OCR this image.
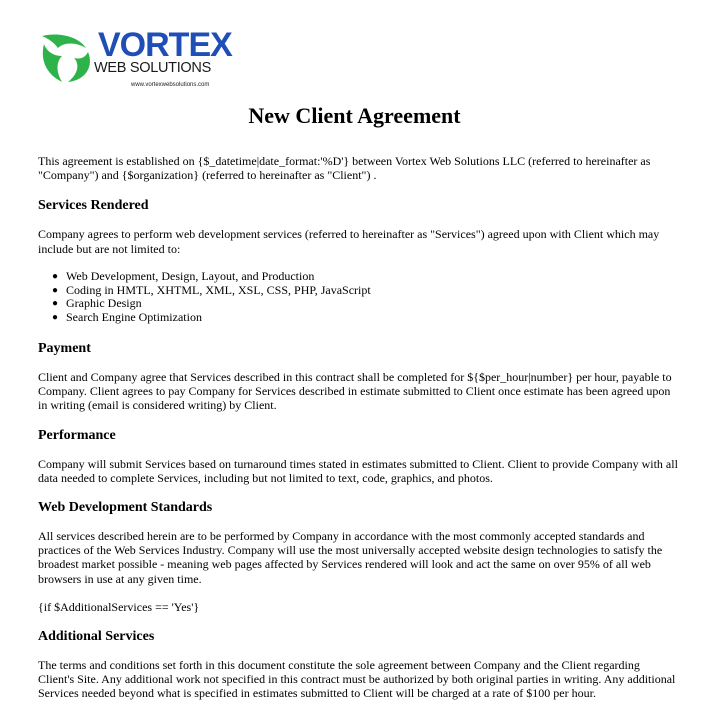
VORTEX
WEB SOLUTIONS
www.vortexwebsolutions.com
New Client Agreement

This agreement is established on {$_datetime|date_format:'%D'} between Vortex Web Solutions LLC (referred to hereinafter as "Company") and {$organization} (referred to hereinafter as "Client") .

Services Rendered

Company agrees to perform web development services (referred to hereinafter as "Services") agreed upon with Client which may include but are not limited to:

● Web Development, Design, Layout, and Production
● Coding in HMTL, XHTML, XML, XSL, CSS, PHP, JavaScript
● Graphic Design
● Search Engine Optimization
Payment

Client and Company agree that Services described in this contract shall be completed for ${$per_hour|number} per hour, payable to Company. Client agrees to pay Company for Services described in estimate submitted to Client once estimate has been agreed upon in writing (email is considered writing) by Client.

Performance

Company will submit Services based on turnaround times stated in estimates submitted to Client. Client to provide Company with all data needed to complete Services, including but not limited to text, code, graphics, and photos.

Web Development Standards

All services described herein are to be performed by Company in accordance with the most commonly accepted standards and practices of the Web Services Industry. Company will use the most universally accepted website design technologies to satisfy the broadest market possible - meaning web pages affected by Services rendered will look and act the same on over 95% of all web browsers in use at any given time.

{if $AdditionalServices == 'Yes'}

Additional Services

The terms and conditions set forth in this document constitute the sole agreement between Company and the Client regarding Client's Site. Any additional work not specified in this contract must be authorized by both original parties in writing. Any additional Services needed beyond what is specified in estimates submitted to Client will be charged at a rate of $100 per hour.
